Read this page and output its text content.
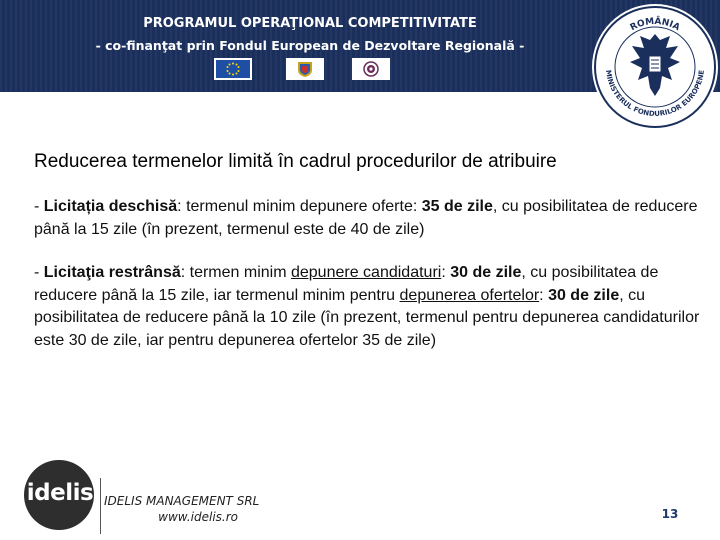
PROGRAMUL OPERAŢIONAL COMPETITIVITATE
- co-finanţat prin Fondul European de Dezvoltare Regională -
ROMÂNIA
MINISTERUL FONDURILOR EUROPENE
Reducerea termenelor limită în cadrul procedurilor de atribuire
- Licitația deschisă: termenul minim depunere oferte: 35 de zile, cu posibilitatea de reducere până la 15 zile (în prezent, termenul este de 40 de zile)
- Licitaţia restrânsă: termen minim depunere candidaturi: 30 de zile, cu posibilitatea de reducere până la 15 zile, iar termenul minim pentru depunerea ofertelor: 30 de zile, cu posibilitatea de reducere până la 10 zile (în prezent, termenul pentru depunerea candidaturilor este 30 de zile, iar pentru depunerea ofertelor 35 de zile)
idelis IDELIS MANAGEMENT SRL
www.idelis.ro	13
